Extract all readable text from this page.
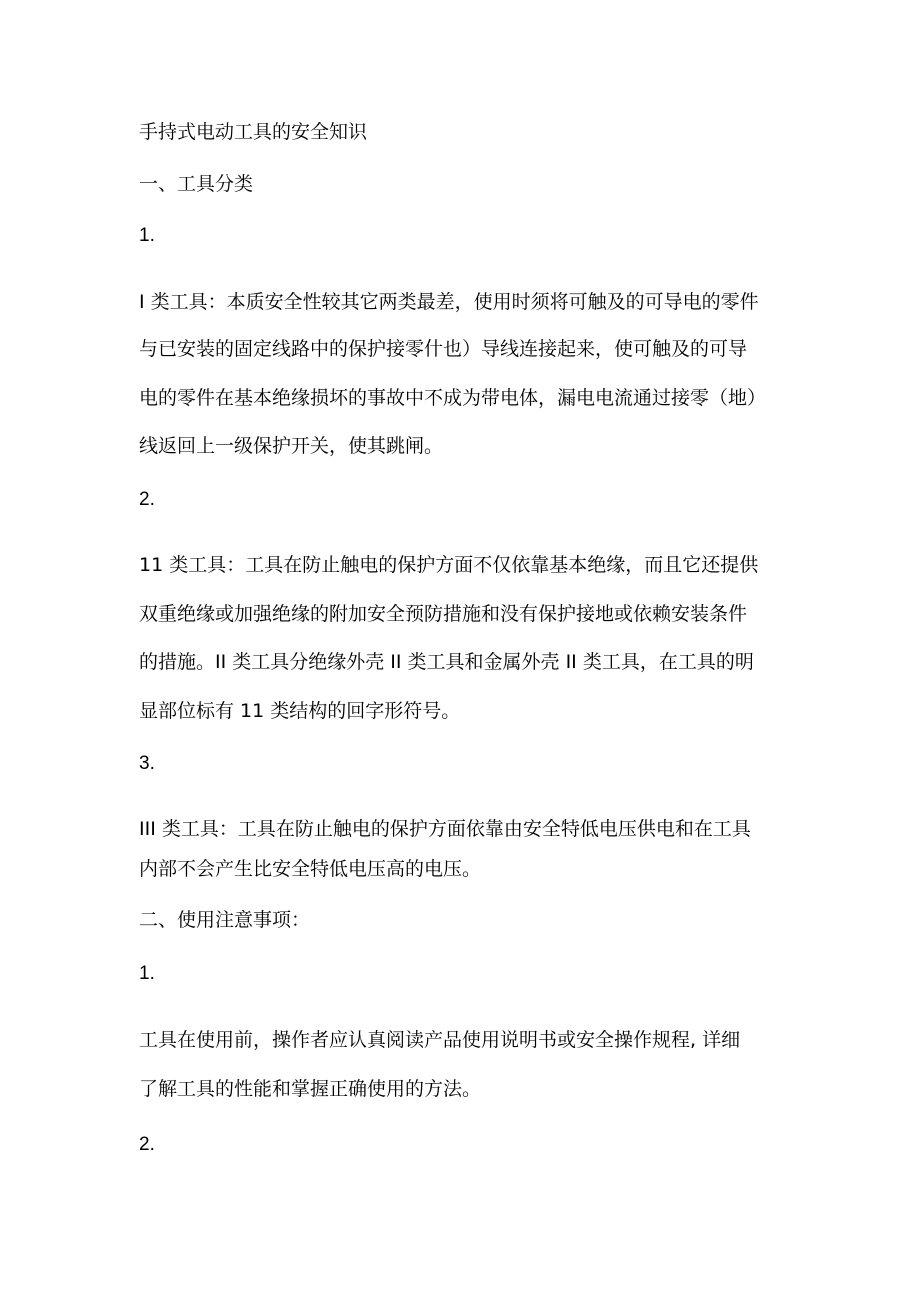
手持式电动工具的安全知识

一、工具分类

1.

I 类工具：本质安全性较其它两类最差，使用时须将可触及的可导电的零件

与已安装的固定线路中的保护接零什也）导线连接起来，使可触及的可导

电的零件在基本绝缘损坏的事故中不成为带电体，漏电电流通过接零（地）

线返回上一级保护开关，使其跳闸。

2.

11 类工具：工具在防止触电的保护方面不仅依靠基本绝缘，而且它还提供

双重绝缘或加强绝缘的附加安全预防措施和没有保护接地或依赖安装条件

的措施。II 类工具分绝缘外壳 II 类工具和金属外壳 II 类工具，在工具的明

显部位标有 11 类结构的回字形符号。

3.

III 类工具：工具在防止触电的保护方面依靠由安全特低电压供电和在工具

内部不会产生比安全特低电压高的电压。

二、使用注意事项：

1.

工具在使用前，操作者应认真阅读产品使用说明书或安全操作规程, 详细

了解工具的性能和掌握正确使用的方法。

2.
